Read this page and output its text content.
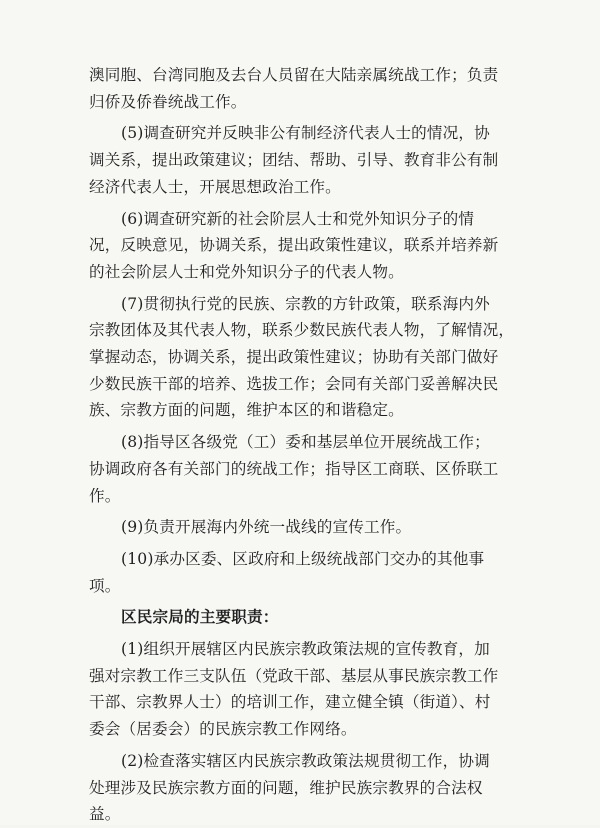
澳同胞、台湾同胞及去台人员留在大陆亲属统战工作；负责
归侨及侨眷统战工作。
(5)调查研究并反映非公有制经济代表人士的情况，协
调关系，提出政策建议；团结、帮助、引导、教育非公有制
经济代表人士，开展思想政治工作。
(6)调查研究新的社会阶层人士和党外知识分子的情
况，反映意见，协调关系，提出政策性建议，联系并培养新
的社会阶层人士和党外知识分子的代表人物。
(7)贯彻执行党的民族、宗教的方针政策，联系海内外
宗教团体及其代表人物，联系少数民族代表人物，了解情况，
掌握动态，协调关系，提出政策性建议；协助有关部门做好
少数民族干部的培养、选拔工作；会同有关部门妥善解决民
族、宗教方面的问题，维护本区的和谐稳定。
(8)指导区各级党（工）委和基层单位开展统战工作；
协调政府各有关部门的统战工作；指导区工商联、区侨联工
作。
(9)负责开展海内外统一战线的宣传工作。
(10)承办区委、区政府和上级统战部门交办的其他事
项。
区民宗局的主要职责：
(1)组织开展辖区内民族宗教政策法规的宣传教育，加
强对宗教工作三支队伍（党政干部、基层从事民族宗教工作
干部、宗教界人士）的培训工作，建立健全镇（街道）、村
委会（居委会）的民族宗教工作网络。
(2)检查落实辖区内民族宗教政策法规贯彻工作，协调
处理涉及民族宗教方面的问题，维护民族宗教界的合法权
益。
